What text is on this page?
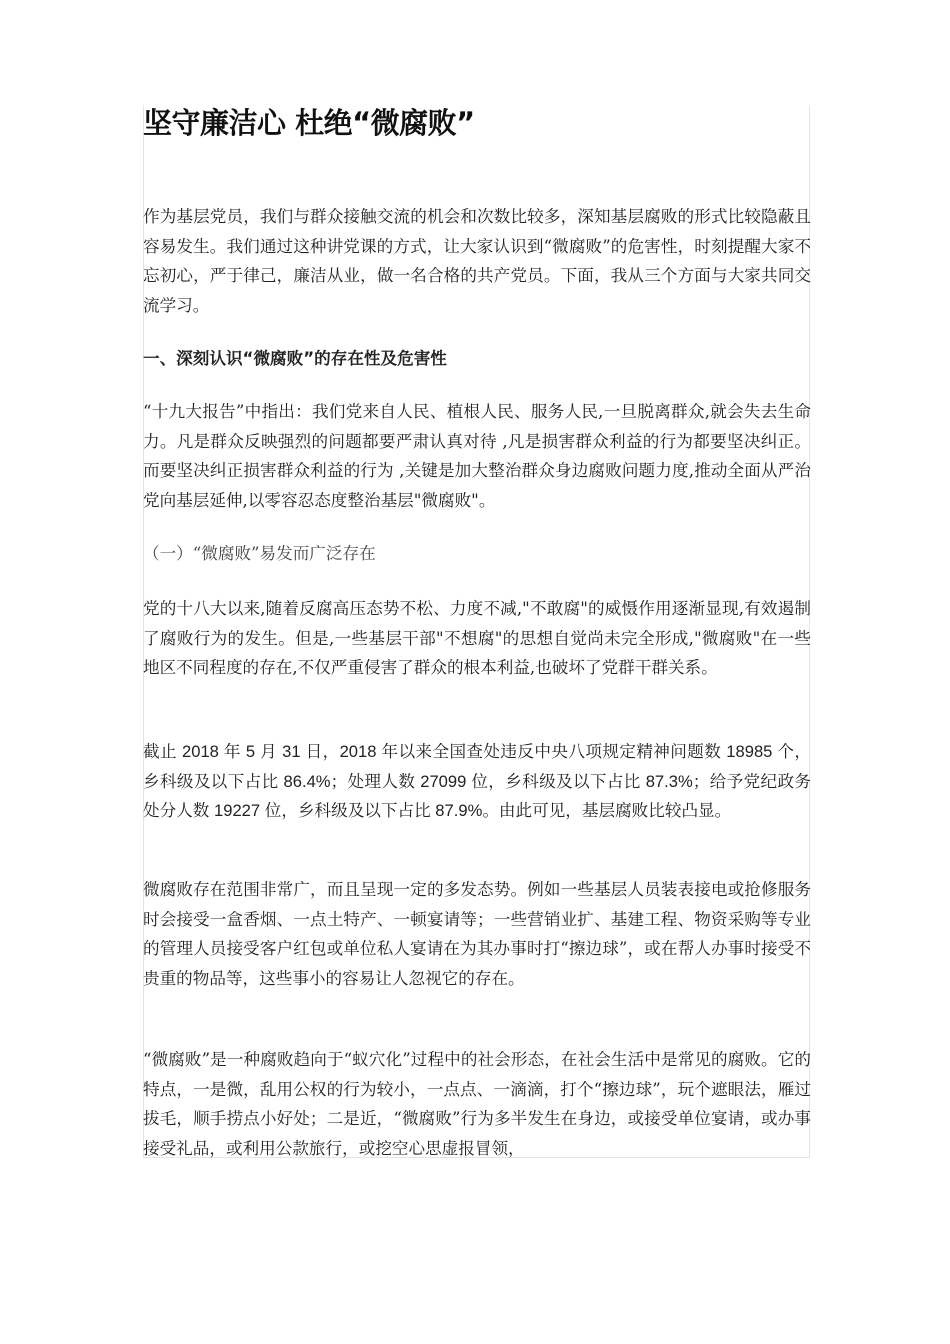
坚守廉洁心 杜绝“微腐败”

作为基层党员，我们与群众接触交流的机会和次数比较多，深知基层腐败的形式比较隐蔽且容易发生。我们通过这种讲党课的方式，让大家认识到“微腐败”的危害性，时刻提醒大家不忘初心，严于律己，廉洁从业，做一名合格的共产党员。下面，我从三个方面与大家共同交流学习。

一、深刻认识“微腐败”的存在性及危害性

“十九大报告”中指出：我们党来自人民、植根人民、服务人民,一旦脱离群众,就会失去生命力。凡是群众反映强烈的问题都要严肃认真对待 ,凡是损害群众利益的行为都要坚决纠正。而要坚决纠正损害群众利益的行为 ,关键是加大整治群众身边腐败问题力度,推动全面从严治党向基层延伸,以零容忍态度整治基层"微腐败"。

（一）“微腐败”易发而广泛存在

党的十八大以来,随着反腐高压态势不松、力度不减,"不敢腐"的威慑作用逐渐显现,有效遏制了腐败行为的发生。但是,一些基层干部"不想腐"的思想自觉尚未完全形成,"微腐败"在一些地区不同程度的存在,不仅严重侵害了群众的根本利益,也破坏了党群干群关系。

截止 2018 年 5 月 31 日，2018 年以来全国查处违反中央八项规定精神问题数 18985 个，乡科级及以下占比 86.4%；处理人数 27099 位，乡科级及以下占比 87.3%；给予党纪政务处分人数 19227 位，乡科级及以下占比 87.9%。由此可见，基层腐败比较凸显。

微腐败存在范围非常广，而且呈现一定的多发态势。例如一些基层人员装表接电或抢修服务时会接受一盒香烟、一点土特产、一顿宴请等；一些营销业扩、基建工程、物资采购等专业的管理人员接受客户红包或单位私人宴请在为其办事时打“擦边球”，或在帮人办事时接受不贵重的物品等，这些事小的容易让人忽视它的存在。

“微腐败”是一种腐败趋向于“蚁穴化”过程中的社会形态，在社会生活中是常见的腐败。它的特点，一是微，乱用公权的行为较小，一点点、一滴滴，打个“擦边球”，玩个遮眼法，雁过拔毛，顺手捞点小好处；二是近，“微腐败”行为多半发生在身边，或接受单位宴请，或办事接受礼品，或利用公款旅行，或挖空心思虚报冒领，
